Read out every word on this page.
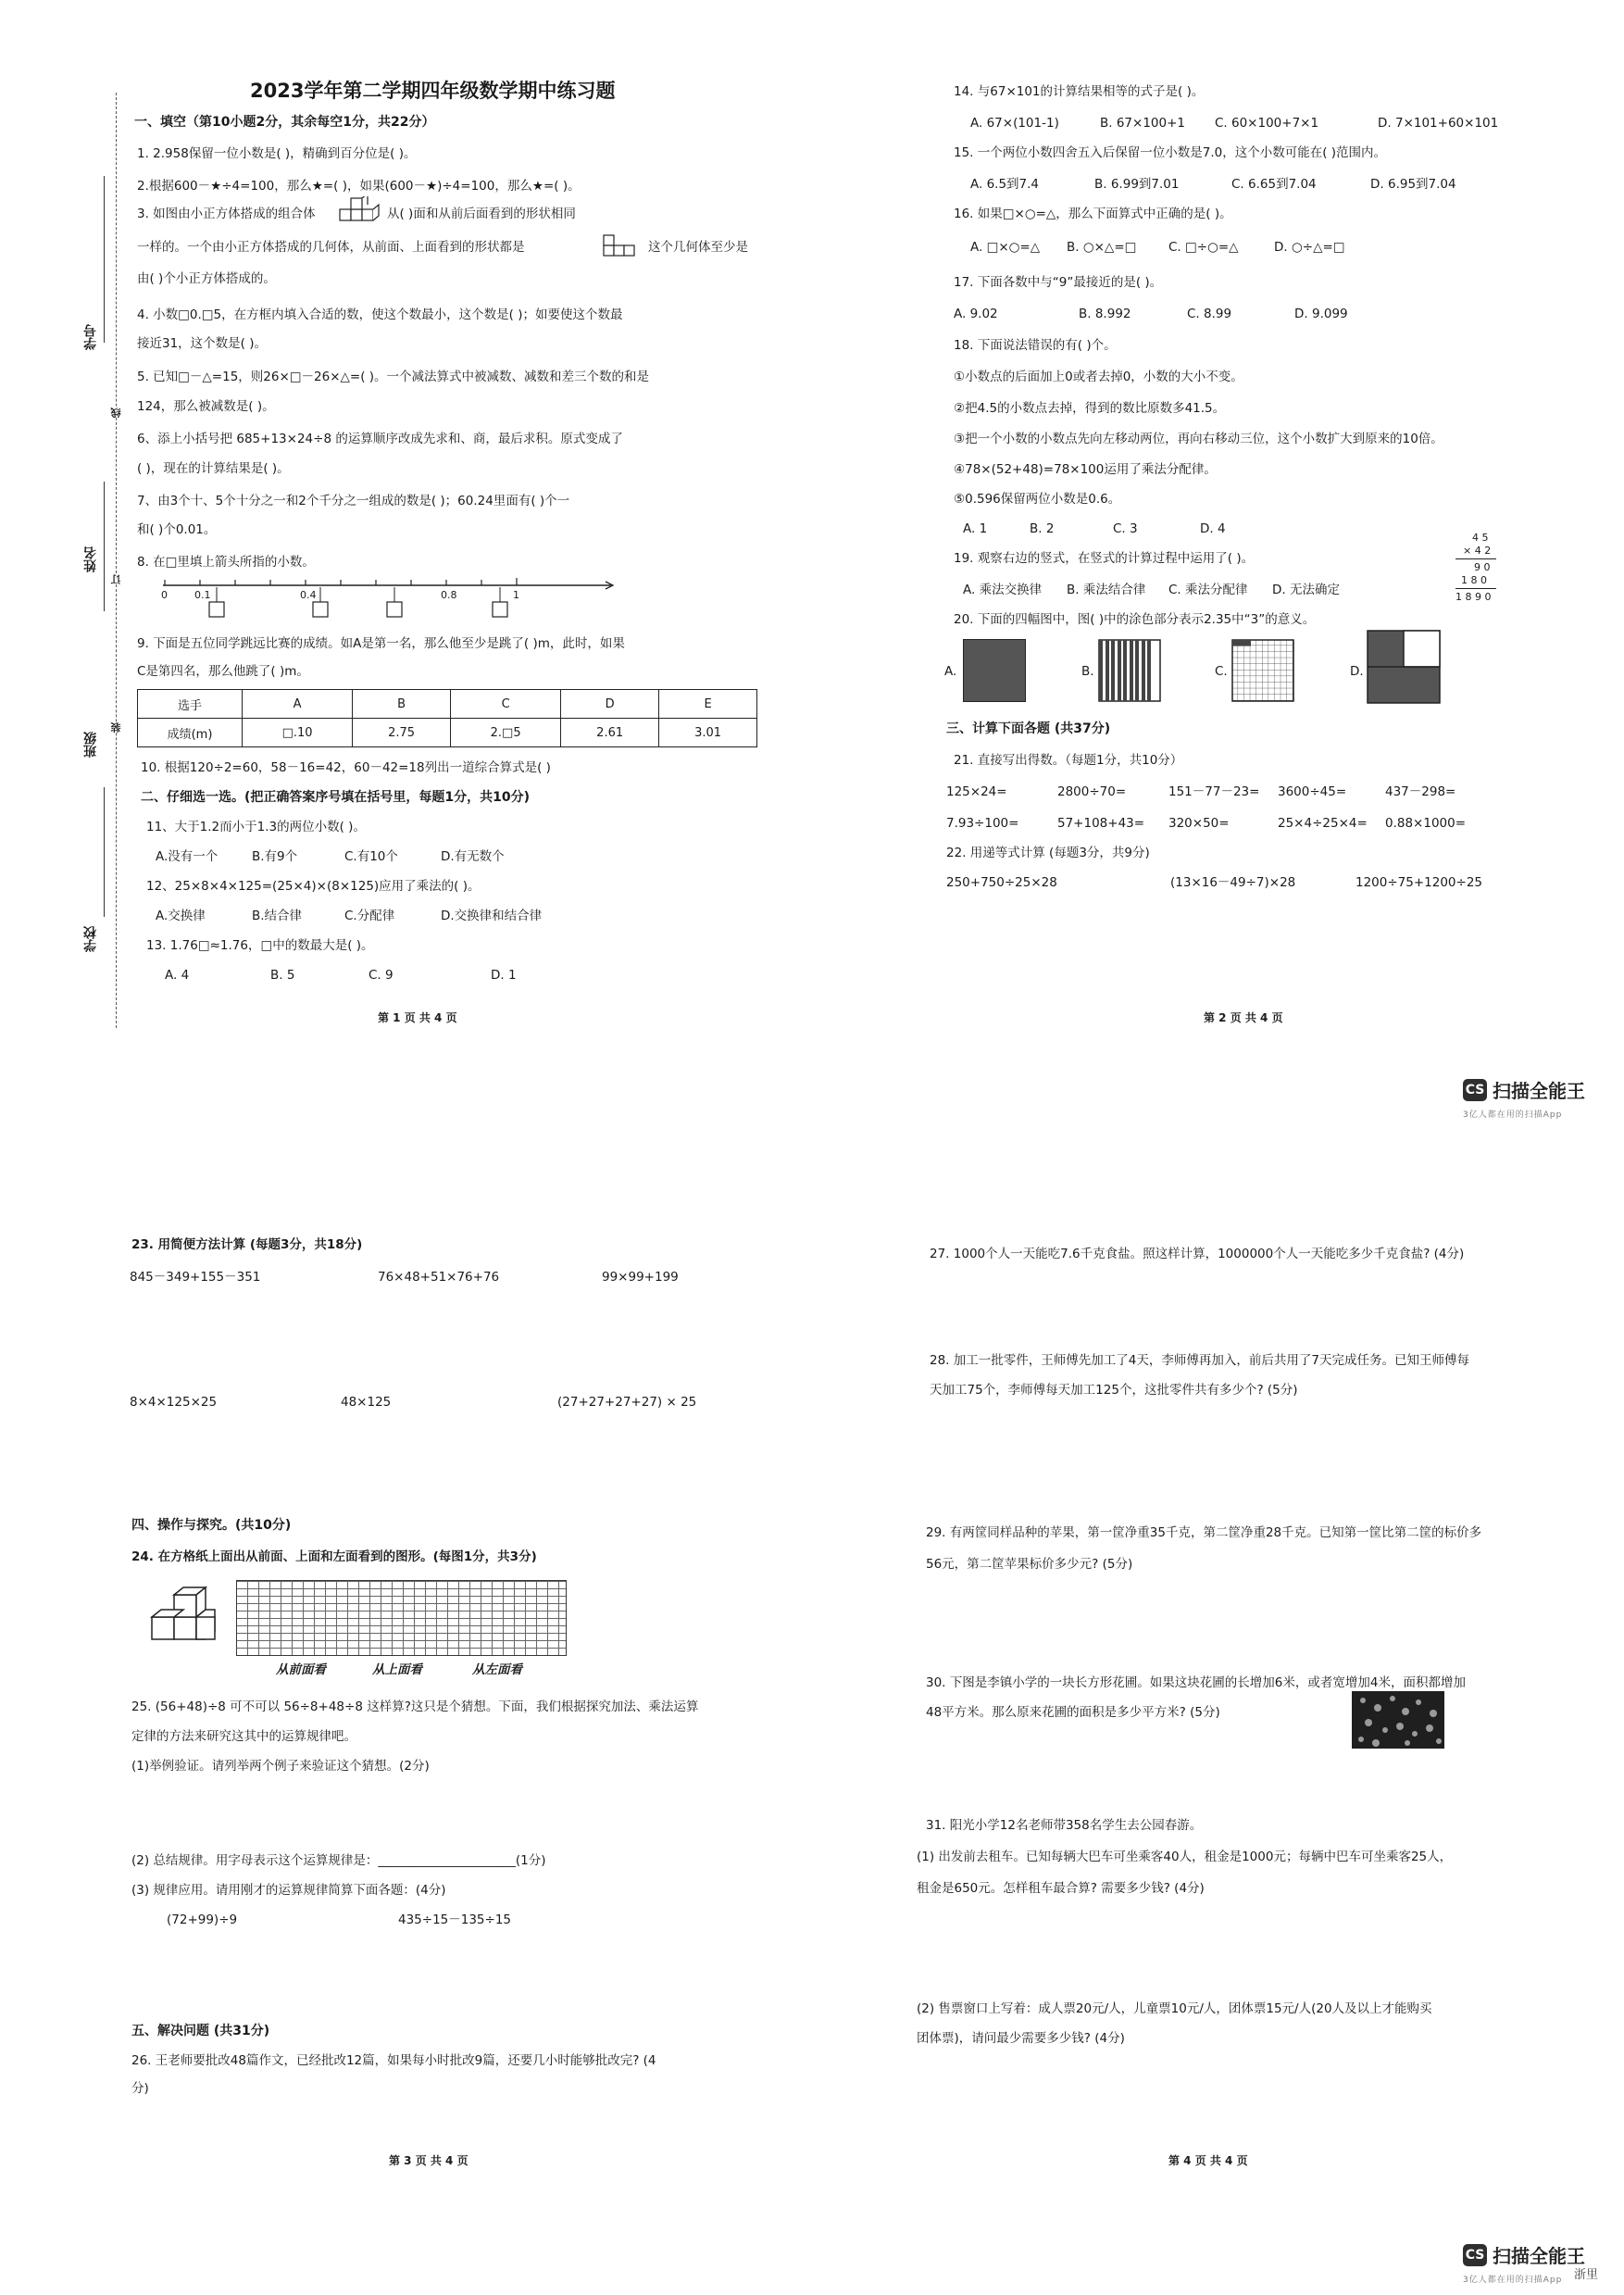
学号
姓名
班级
学校
线
订
装
2023学年第二学期四年级数学期中练习题
一、填空（第10小题2分，其余每空1分，共22分）
1. 2.958保留一位小数是( )，精确到百分位是( )。
2.根据600－★÷4=100，那么★=( )，如果(600－★)÷4=100，那么★=( )。
3. 如图由小正方体搭成的组合体	从( )面和从前后面看到的形状相同
一样的。一个由小正方体搭成的几何体，从前面、上面看到的形状都是	这个几何体至少是
由( )个小正方体搭成的。
4. 小数□0.□5，在方框内填入合适的数，使这个数最小，这个数是( )；如要使这个数最
接近31，这个数是( )。
5. 已知□－△=15，则26×□－26×△=( )。一个减法算式中被减数、减数和差三个数的和是
124，那么被减数是( )。
6、添上小括号把 685+13×24÷8 的运算顺序改成先求和、商，最后求积。原式变成了
( )，现在的计算结果是( )。
7、由3个十、5个十分之一和2个千分之一组成的数是( )；60.24里面有( )个一
和( )个0.01。
8. 在□里填上箭头所指的小数。
0	0.1	0.4	0.8	1
9. 下面是五位同学跳远比赛的成绩。如A是第一名，那么他至少是跳了( )m，此时，如果
C是第四名，那么他跳了( )m。
选手	A	B	C	D	E
成绩(m)	□.10	2.75	2.□5	2.61	3.01
10. 根据120÷2=60，58－16=42，60－42=18列出一道综合算式是( )
二、仔细选一选。(把正确答案序号填在括号里，每题1分，共10分)
11、大于1.2而小于1.3的两位小数( )。
A.没有一个	B.有9个	C.有10个	D.有无数个
12、25×8×4×125=(25×4)×(8×125)应用了乘法的( )。
A.交换律	B.结合律	C.分配律	D.交换律和结合律
13. 1.76□≈1.76，□中的数最大是( )。
A. 4	B. 5	C. 9	D. 1
第 1 页 共 4 页
14. 与67×101的计算结果相等的式子是( )。
A. 67×(101-1)	B. 67×100+1 C. 60×100+7×1	D. 7×101+60×101
15. 一个两位小数四舍五入后保留一位小数是7.0，这个小数可能在( )范围内。
A. 6.5到7.4	B. 6.99到7.01	C. 6.65到7.04	D. 6.95到7.04
16. 如果□×○=△，那么下面算式中正确的是( )。
A. □×○=△ B. ○×△=□	C. □÷○=△	D. ○÷△=□
17. 下面各数中与“9”最接近的是( )。
A. 9.02	B. 8.992	C. 8.99	D. 9.099
18. 下面说法错误的有( )个。
①小数点的后面加上0或者去掉0，小数的大小不变。
②把4.5的小数点去掉，得到的数比原数多41.5。
③把一个小数的小数点先向左移动两位，再向右移动三位，这个小数扩大到原来的10倍。
④78×(52+48)=78×100运用了乘法分配律。
⑤0.596保留两位小数是0.6。
A. 1	B. 2	C. 3	D. 4
19. 观察右边的竖式，在竖式的计算过程中运用了( )。
A. 乘法交换律 B. 乘法结合律 C. 乘法分配律 D. 无法确定
4 5
× 4 2
9 0
1 8 0
1 8 9 0
20. 下面的四幅图中，图( )中的涂色部分表示2.35中“3”的意义。
A.	B.	C.	D.
三、计算下面各题 (共37分)
21. 直接写出得数。（每题1分，共10分）
125×24=	2800÷70=	151－77－23= 3600÷45=	437－298=
7.93÷100=	57+108+43= 320×50=	25×4÷25×4= 0.88×1000=
22. 用递等式计算 (每题3分，共9分)
250+750÷25×28	(13×16－49÷7)×28	1200÷75+1200÷25
第 2 页 共 4 页
CS 扫描全能王
3亿人都在用的扫描App
23. 用简便方法计算 (每题3分，共18分)
845－349+155－351	76×48+51×76+76	99×99+199
8×4×125×25	48×125	(27+27+27+27) × 25
四、操作与探究。(共10分)
24. 在方格纸上面出从前面、上面和左面看到的图形。(每图1分，共3分)
从前面看	从上面看	从左面看
25. (56+48)÷8 可不可以 56÷8+48÷8 这样算?这只是个猜想。下面，我们根据探究加法、乘法运算
定律的方法来研究这其中的运算规律吧。
(1)举例验证。请列举两个例子来验证这个猜想。(2分)
(2) 总结规律。用字母表示这个运算规律是：______________________(1分)
(3) 规律应用。请用刚才的运算规律简算下面各题：(4分)
(72+99)÷9	435÷15－135÷15
五、解决问题 (共31分)
26. 王老师要批改48篇作文，已经批改12篇，如果每小时批改9篇，还要几小时能够批改完? (4
分)
第 3 页 共 4 页
27. 1000个人一天能吃7.6千克食盐。照这样计算，1000000个人一天能吃多少千克食盐? (4分)
28. 加工一批零件，王师傅先加工了4天，李师傅再加入，前后共用了7天完成任务。已知王师傅每
天加工75个，李师傅每天加工125个，这批零件共有多少个? (5分)
29. 有两筐同样品种的苹果，第一筐净重35千克，第二筐净重28千克。已知第一筐比第二筐的标价多
56元，第二筐苹果标价多少元? (5分)
30. 下图是李镇小学的一块长方形花圃。如果这块花圃的长增加6米，或者宽增加4米，面积都增加
48平方米。那么原来花圃的面积是多少平方米? (5分)
31. 阳光小学12名老师带358名学生去公园春游。
(1) 出发前去租车。已知每辆大巴车可坐乘客40人，租金是1000元；每辆中巴车可坐乘客25人，
租金是650元。怎样租车最合算? 需要多少钱? (4分)
(2) 售票窗口上写着：成人票20元/人，儿童票10元/人，团体票15元/人(20人及以上才能购买
团体票)，请问最少需要多少钱? (4分)
第 4 页 共 4 页
CS 扫描全能王
3亿人都在用的扫描App 浙里
